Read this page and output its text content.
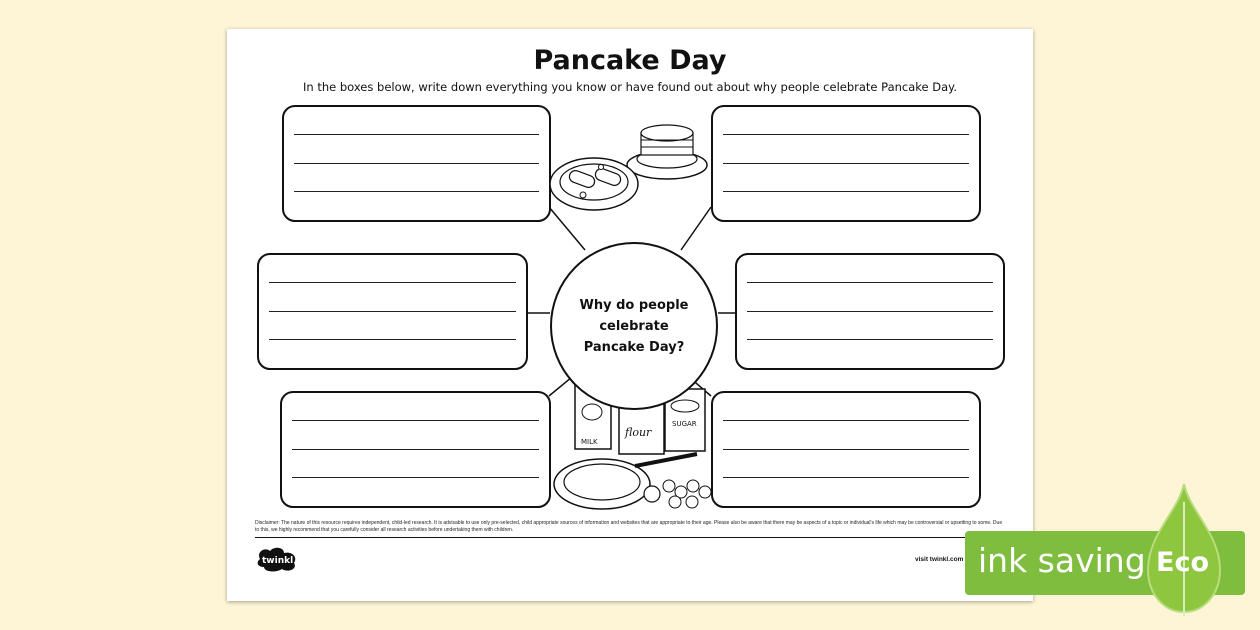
Pancake Day
In the boxes below, write down everything you know or have found out about why people celebrate Pancake Day.
MILK
flour
SUGAR
Why do people celebrate Pancake Day?
Disclaimer: The nature of this resource requires independent, child-led research. It is advisable to use only pre-selected, child appropriate sources of information and websites that are appropriate to their age. Please also be aware that there may be aspects of a topic or individual's life which may be controversial or upsetting to some. Due to this, we highly recommend that you carefully consider all research activities before undertaking them with children.
twinkl	visit twinkl.com ink saving Eco
